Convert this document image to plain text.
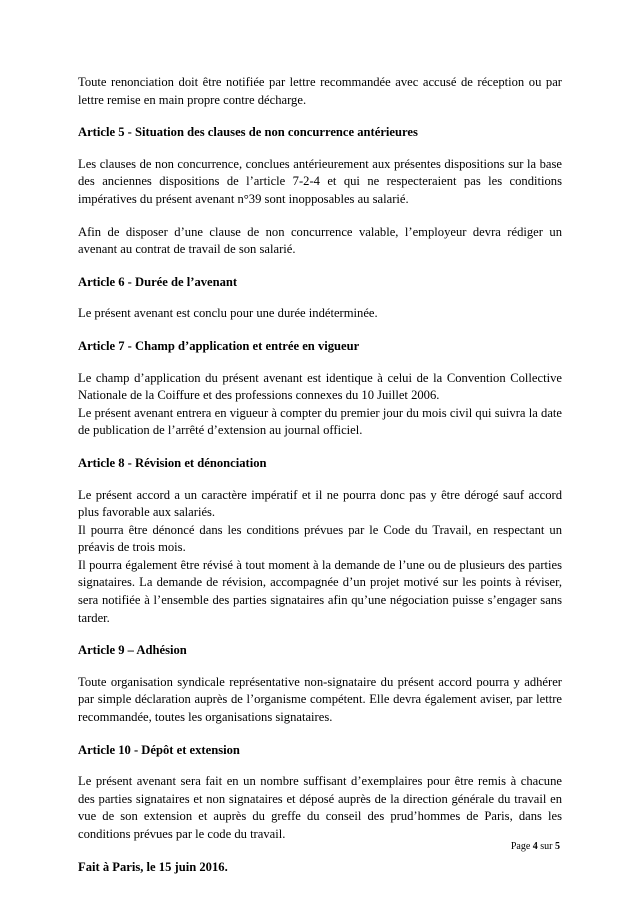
Toute renonciation doit être notifiée par lettre recommandée avec accusé de réception ou par lettre remise en main propre contre décharge.

Article 5 - Situation des clauses de non concurrence antérieures

Les clauses de non concurrence, conclues antérieurement aux présentes dispositions sur la base des anciennes dispositions de l’article 7-2-4 et qui ne respecteraient pas les conditions impératives du présent avenant n°39 sont inopposables au salarié.

Afin de disposer d’une clause de non concurrence valable, l’employeur devra rédiger un avenant au contrat de travail de son salarié.

Article 6 - Durée de l’avenant

Le présent avenant est conclu pour une durée indéterminée.

Article 7 - Champ d’application et entrée en vigueur

Le champ d’application du présent avenant est identique à celui de la Convention Collective Nationale de la Coiffure et des professions connexes du 10 Juillet 2006.

Le présent avenant entrera en vigueur à compter du premier jour du mois civil qui suivra la date de publication de l’arrêté d’extension au journal officiel.

Article 8 - Révision et dénonciation

Le présent accord a un caractère impératif et il ne pourra donc pas y être dérogé sauf accord plus favorable aux salariés.

Il pourra être dénoncé dans les conditions prévues par le Code du Travail, en respectant un préavis de trois mois.

Il pourra également être révisé à tout moment à la demande de l’une ou de plusieurs des parties signataires. La demande de révision, accompagnée d’un projet motivé sur les points à réviser, sera notifiée à l’ensemble des parties signataires afin qu’une négociation puisse s’engager sans tarder.

Article 9 – Adhésion

Toute organisation syndicale représentative non-signataire du présent accord pourra y adhérer par simple déclaration auprès de l’organisme compétent. Elle devra également aviser, par lettre recommandée, toutes les organisations signataires.

Article 10 - Dépôt et extension

Le présent avenant sera fait en un nombre suffisant d’exemplaires pour être remis à chacune des parties signataires et non signataires et déposé auprès de la direction générale du travail en vue de son extension et auprès du greffe du conseil des prud’hommes de Paris, dans les conditions prévues par le code du travail.

Fait à Paris, le 15 juin 2016.

Page 4 sur 5
